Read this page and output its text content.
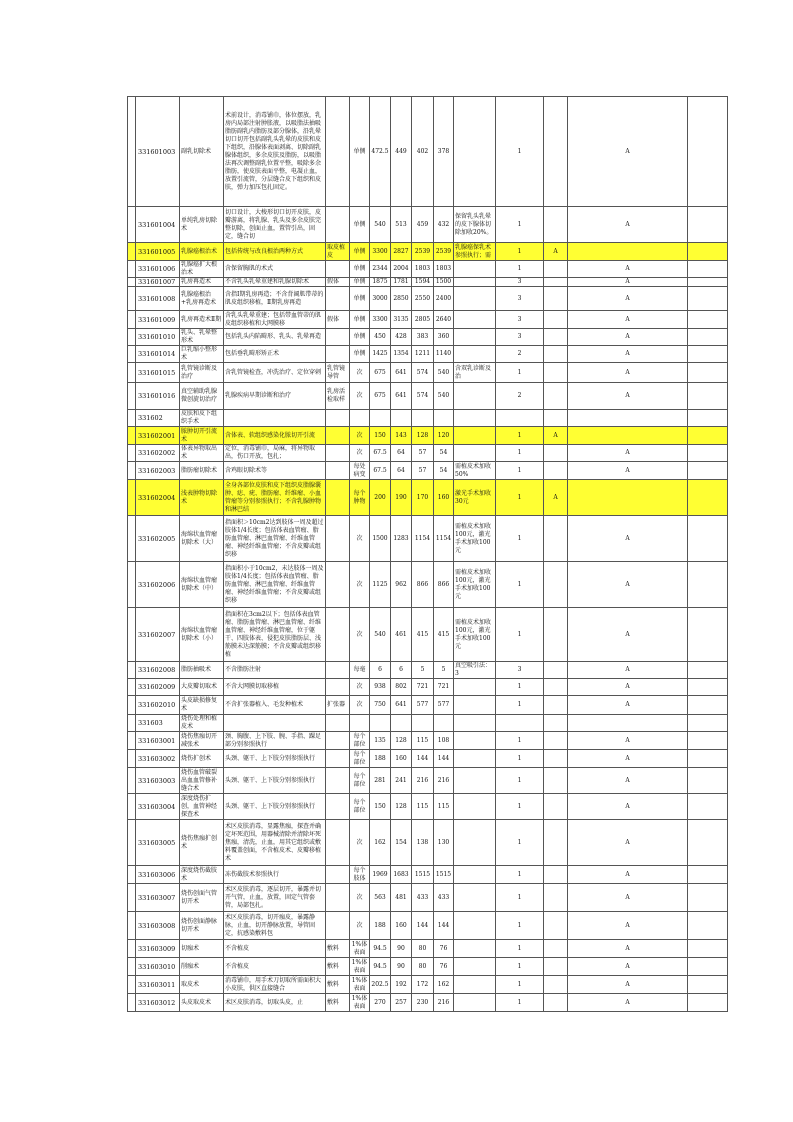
	331601003	副乳切除术	术前设计，消毒铺巾，体位摆放，乳房内局部注射肿胀液，以吸脂法抽吸脂肪副乳内脂肪及部分腺体，沿乳晕切口切开包括副乳头乳晕的皮肤和皮下组织，沿腺体表面剥离、切除副乳腺体组织，多余皮肤及脂肪，以吸脂法再次调整副乳位置平整，吸除多余脂肪，使皮肤表面平整，电凝止血，放置引流管，分层缝合皮下组织和皮肤，弹力加压包扎固定。		单侧	472.5	449	402	378		1		A	
	331601004	单纯乳房切除术	切口设计，大梭形切口切开皮肤，皮瓣游离，将乳腺、乳头及多余皮肤完整切除，创面止血，置管引出，固定，缝合切		单侧	540	513	459	432	保留乳头乳晕的皮下腺体切除加收20%。	1		A	
	331601005	乳腺癌根治术	包括传统与改良根治两种方式	取皮植皮	单侧	3300	2827	2539	2539	乳腺癌保乳术参照执行；需	1	A		
	331601006	乳腺癌扩大根治术	含保留胸肌的术式		单侧	2344	2004	1803	1803		1		A	
	331601007	乳房再造术	不含乳头乳晕重建和乳腺切除术	假体	单侧	1875	1781	1594	1500		3		A	
	331601008	乳腺癌根治+乳房再造术	含指Ⅰ期乳房再造；不含背阔肌带蒂的肌皮组织移植，Ⅱ期乳房再造		单侧	3000	2850	2550	2400		3		A	
	331601009	乳房再造术Ⅱ期	含乳头乳晕重建；包括带血管蒂的肌皮组织移植和大网膜移	假体	单侧	3300	3135	2805	2640		3		A	
	331601010	乳头、乳晕整形术	包括乳头内陷畸形、乳头、乳晕再造		单侧	450	428	383	360		3		A	
	331601014	巨乳缩小整形术	包括垂乳畸形矫正术		单侧	1425	1354	1211	1140		2		A	
	331601015	乳管镜诊断及治疗	含乳管镜检查，冲洗治疗、定位穿刺	乳管镜导管	次	675	641	574	540	含双乳诊断及治	1		A	
	331601016	真空辅助乳腺微创旋切治疗	乳腺疾病早期诊断和治疗	乳房活检取样	次	675	641	574	540		2		A	
	331602	皮肤和皮下组织手术												
	331602001	脓肿切开引流术	含体表、软组织感染化脓切开引流		次	150	143	128	120		1	A		
	331602002	体表异物取出术	定位，消毒铺巾，局麻，将异物取出，伤口开放，包扎；		次	67.5	64	57	54		1		A	
	331602003	脂肪瘤切除术	含鸡眼切除术等		每处病变	67.5	64	57	54	需植皮术加收50%	1		A	
	331602004	浅表肿物切除术	全身各部位皮肤和皮下组织皮脂腺囊肿、痣、疣、脂肪瘤、纤维瘤、小血管瘤等分别参照执行；不含乳腺肿物和淋巴结		每个肿物	200	190	170	160	激光手术加收30元	1	A		
	331602005	海绵状血管瘤切除术（大）	指面积＞10cm2达到肢体一周及超过肢体1/4长度；包括体表血管瘤、脂肪血管瘤、淋巴血管瘤、纤维血管瘤、神经纤维血管瘤；不含皮瓣或组织移		次	1500	1283	1154	1154	需植皮术加收100元，激光手术加收100元	1		A	
	331602006	海绵状血管瘤切除术（中）	指面积小于10cm2，未达肢体一周及肢体1/4长度；包括体表血管瘤、脂肪血管瘤、淋巴血管瘤、纤维血管瘤、神经纤维血管瘤；不含皮瓣或组织移		次	1125	962	866	866	需植皮术加收100元，激光手术加收100元	1		A	
	331602007	海绵状血管瘤切除术（小）	指面积在3cm2以下；包括体表血管瘤、脂肪血管瘤、淋巴血管瘤、纤维血管瘤、神经纤维血管瘤，位于躯干、四肢体表、侵犯皮肤脂肪层、浅筋膜未达深筋膜；不含皮瓣或组织移植		次	540	461	415	415	需植皮术加收100元，激光手术加收100元	1		A	
	331602008	脂肪抽吸术	不含脂肪注射		每毫	6	6	5	5	真空吸引法：3	3		A	
	331602009	大皮瓣切取术	不含大网膜切取移植		次	938	802	721	721		1		A	
	331602010	头皮缺损修复术	不含扩张器植入、毛发种植术	扩张器	次	750	641	577	577		1		A	
	331603	烧伤处理和植皮术												
	331603001	烧伤焦痂切开减张术	颈、胸腹、上下肢、腕、手指、踝足部分别参照执行		每个部位	135	128	115	108		1		A	
	331603002	烧伤扩创术	头颈、躯干、上下肢分别参照执行		每个部位	188	160	144	144		1		A	
	331603003	烧伤血管破裂出血血管修补缝合术	头颈、躯干、上下肢分别参照执行		每个部位	281	241	216	216		1		A	
	331603004	深度烧伤扩创，血管神经探查术	头颈、躯干、上下肢分别参照执行		每个部位	150	128	115	115		1		A	
	331603005	烧伤焦痂扩创术	术区皮肤消毒，显露焦痂，探查并确定坏死范围，用器械清除并清除坏死焦痂，清洗，止血，用其它组织或敷料覆盖创面，不含植皮术、皮瓣移植术		次	162	154	138	130		1		A	
	331603006	深度烧伤截肢术	冻伤截肢术参照执行		每个肢体	1969	1683	1515	1515		1		A	
	331603007	烧伤创面气管切开术	术区皮肤消毒，逐层切开，暴露并切开气管，止血，放置，固定气管套管，局部包扎。		次	563	481	433	433		1		A	
	331603008	烧伤创面静脉切开术	术区皮肤消毒，切开痂皮，暴露静脉，止血，切开静脉放置，导管固定，抗感染敷料包		次	188	160	144	144		1		A	
	331603009	切痂术	不含植皮	敷料	1%体表面	94.5	90	80	76		1		A	
	331603010	削痂术	不含植皮	敷料	1%体表面	94.5	90	80	76		1		A	
	331603011	取皮术	消毒铺巾，用手术刀切取所需面积大小皮肤，供区直接缝合	敷料	1%体表面	202.5	192	172	162		1		A	
	331603012	头皮取皮术	术区皮肤消毒，切取头皮，止	敷料	1%体表面	270	257	230	216		1		A	
